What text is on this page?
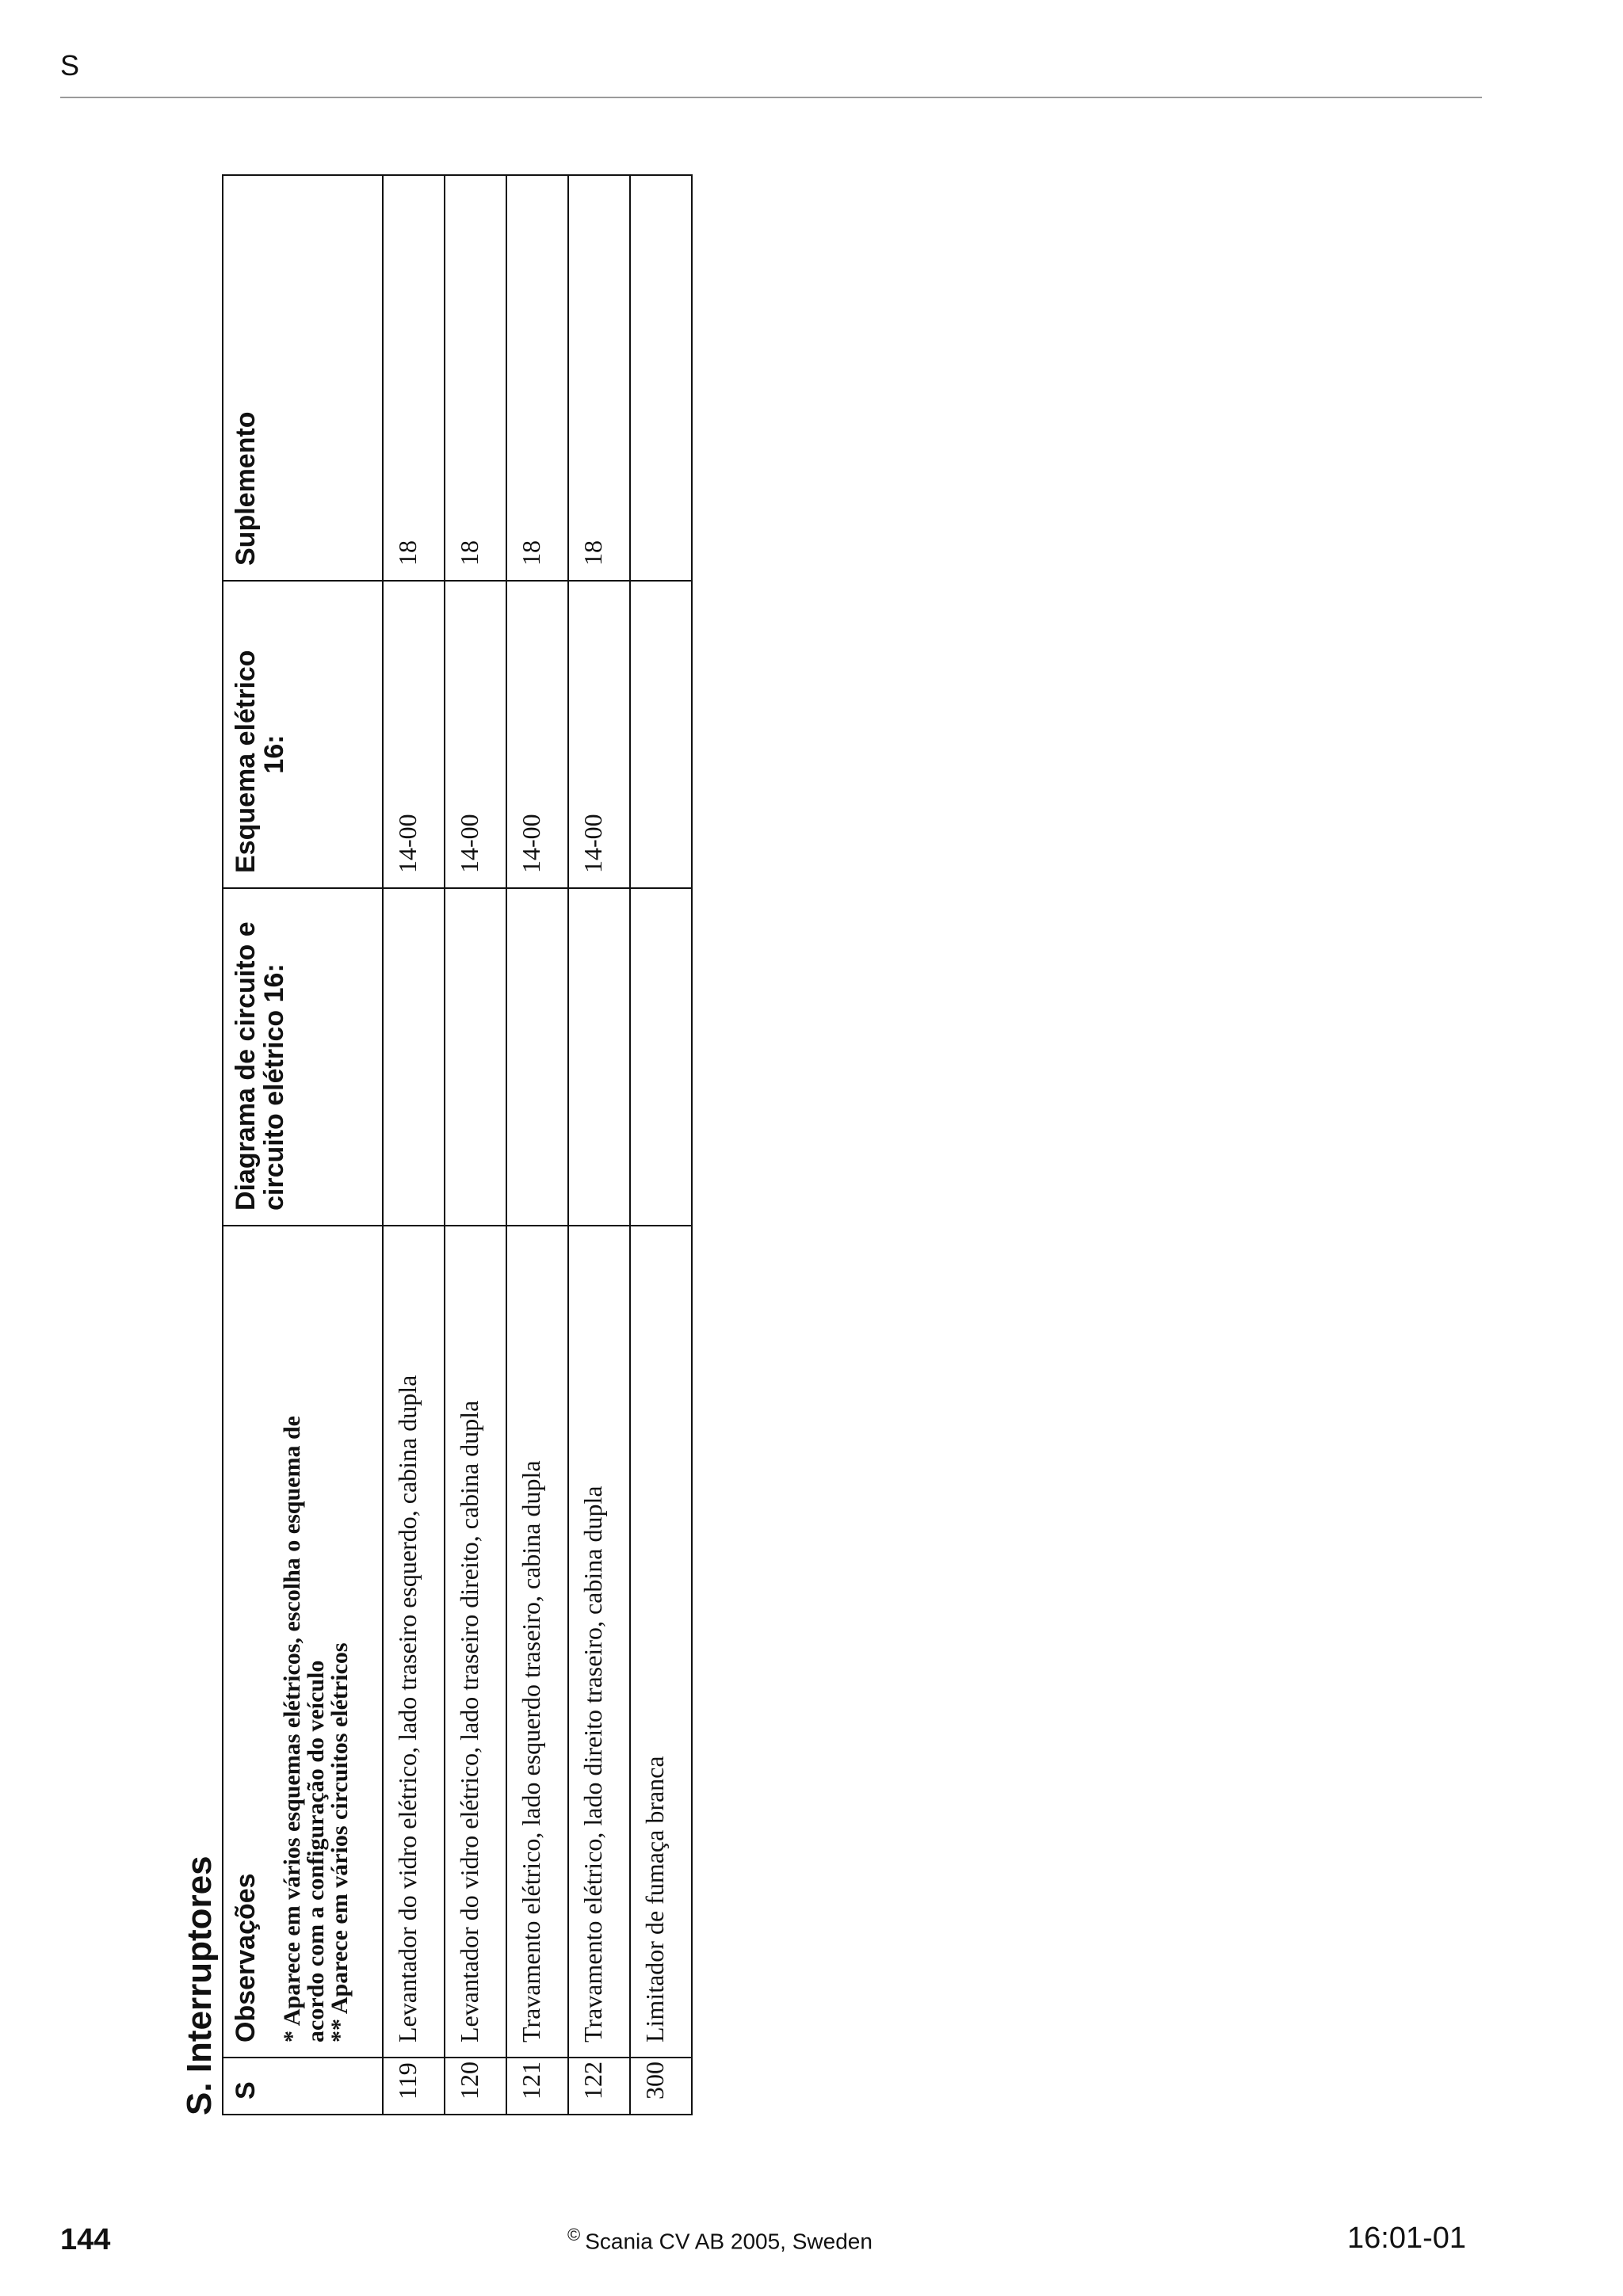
S
S. Interruptores S	Observações * Aparece em vários esquemas elétricos, escolha o esquema de
acordo com a configuração do veículo
** Aparece em vários circuitos elétricos	Diagrama de circuito e circuito elétrico 16:	Esquema elétrico
16:	Suplemento
119	Levantador do vidro elétrico, lado traseiro esquerdo, cabina dupla		14-00	18
120	Levantador do vidro elétrico, lado traseiro direito, cabina dupla		14-00	18
121	Travamento elétrico, lado esquerdo traseiro, cabina dupla		14-00	18
122	Travamento elétrico, lado direito traseiro, cabina dupla		14-00	18
300	Limitador de fumaça branca			
144	© Scania CV AB 2005, Sweden	16:01-01
